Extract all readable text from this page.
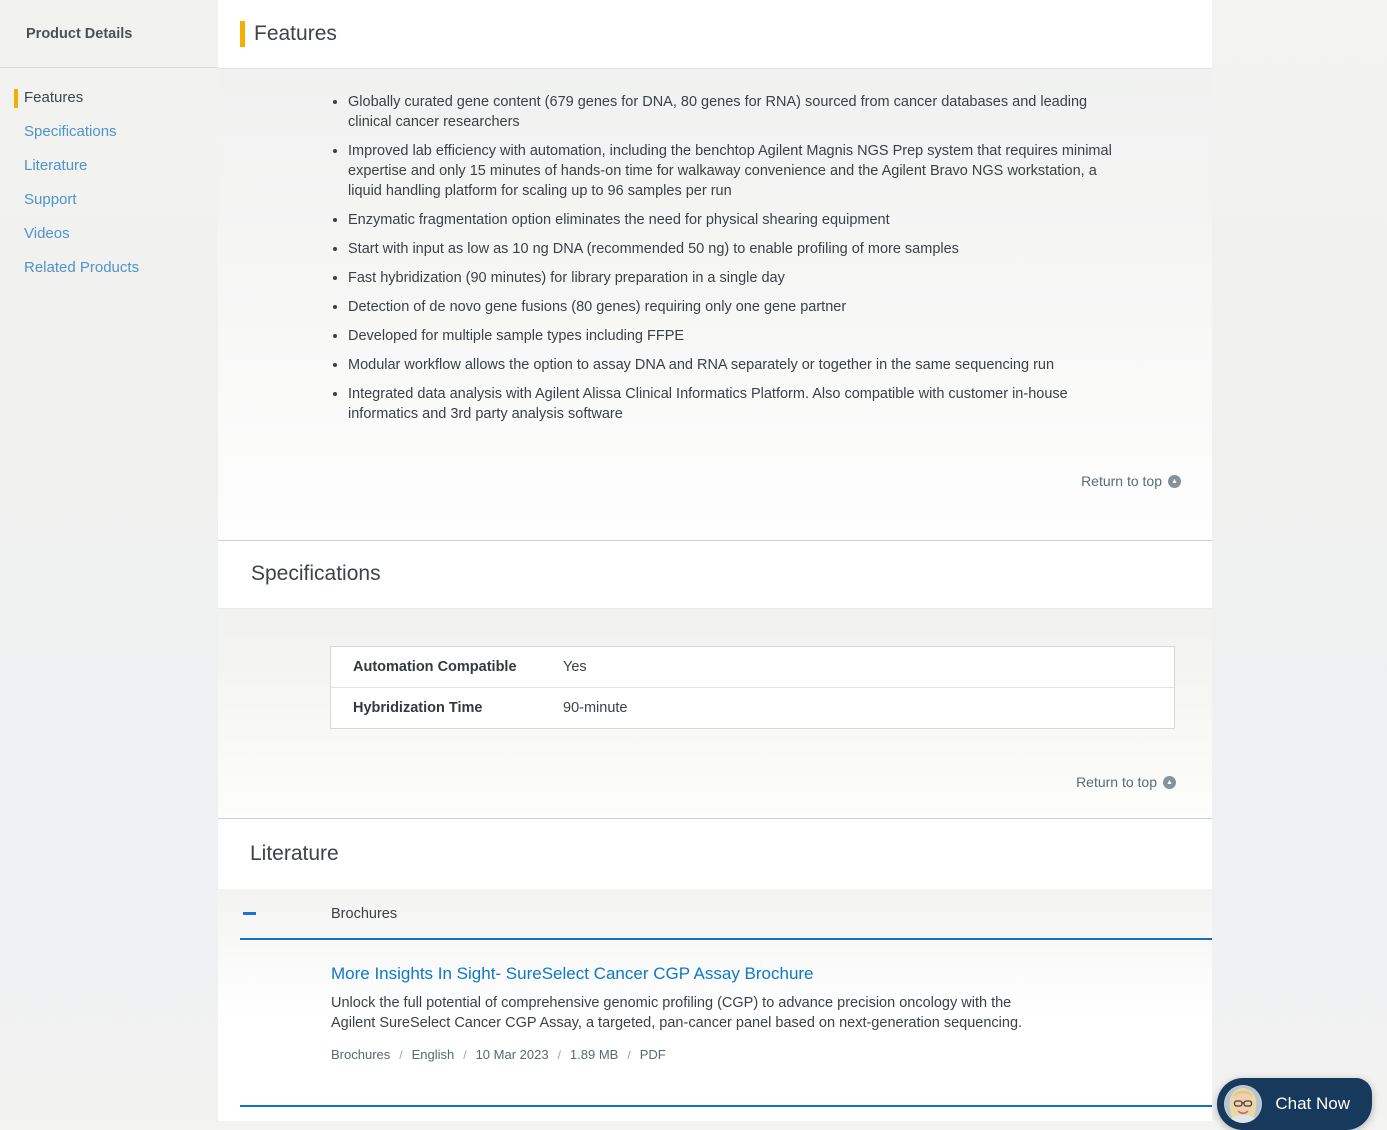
Product Details
Features
Specifications
Literature
Support
Videos
Related Products
Features
• Globally curated gene content (679 genes for DNA, 80 genes for RNA) sourced from cancer databases and leading clinical cancer researchers
• Improved lab efficiency with automation, including the benchtop Agilent Magnis NGS Prep system that requires minimal expertise and only 15 minutes of hands-on time for walkaway convenience and the Agilent Bravo NGS workstation, a liquid handling platform for scaling up to 96 samples per run
• Enzymatic fragmentation option eliminates the need for physical shearing equipment
• Start with input as low as 10 ng DNA (recommended 50 ng) to enable profiling of more samples
• Fast hybridization (90 minutes) for library preparation in a single day
• Detection of de novo gene fusions (80 genes) requiring only one gene partner
• Developed for multiple sample types including FFPE
• Modular workflow allows the option to assay DNA and RNA separately or together in the same sequencing run
• Integrated data analysis with Agilent Alissa Clinical Informatics Platform. Also compatible with customer in-house informatics and 3rd party analysis software
Return to top	▲
Specifications
Automation Compatible	Yes
Hybridization Time	90-minute
Return to top	▲
Literature
Brochures
More Insights In Sight- SureSelect Cancer CGP Assay Brochure

Unlock the full potential of comprehensive genomic profiling (CGP) to advance precision oncology with the Agilent SureSelect Cancer CGP Assay, a targeted, pan-cancer panel based on next-generation sequencing.

Brochures	/ English	/ 10 Mar 2023	/ 1.89 MB	/ PDF
Chat Now
